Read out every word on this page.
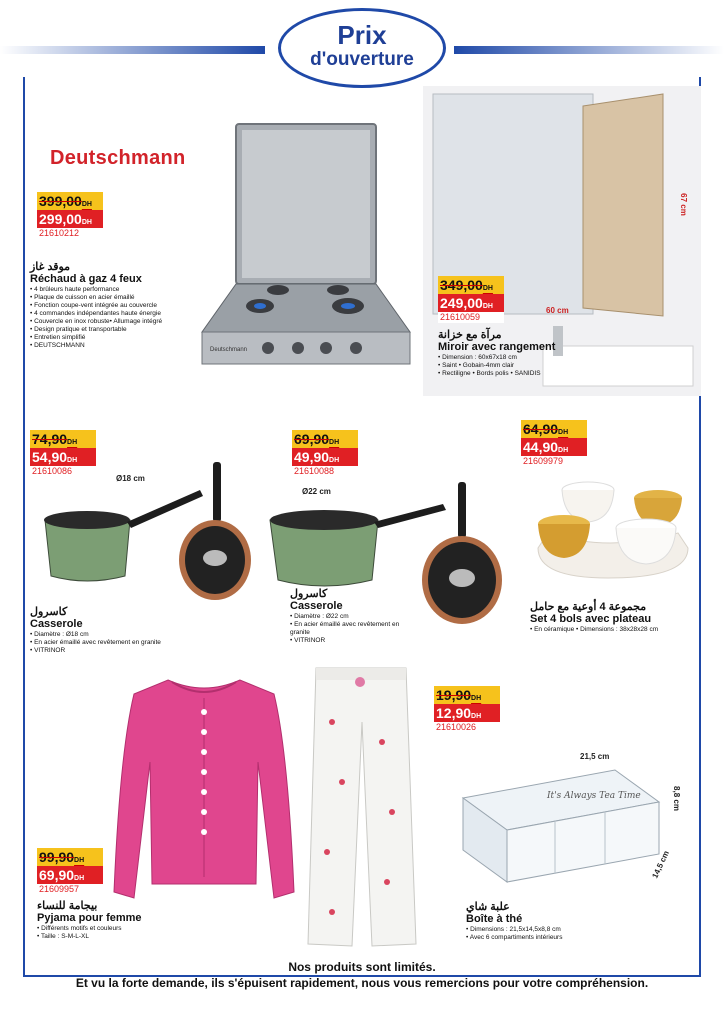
Prix
d'ouverture
Deutschmann
399,00DH
299,00DH
21610212
موقد غاز
Réchaud à gaz 4 feux
• 4 brûleurs haute performance
• Plaque de cuisson en acier émaillé
• Fonction coupe-vent intégrée au couvercle
• 4 commandes indépendantes haute énergie
• Couvercle en inox robuste• Allumage intégré
• Design pratique et transportable
• Entretien simplifié
• DEUTSCHMANN
Deutschmann
60 cm
67 cm
349,00DH
249,00DH
21610059
مرآة مع خزانة
Miroir avec rangement
• Dimension : 60x67x18 cm
• Saint • Gobain-4mm clair
• Rectiligne • Bords polis • SANIDIS
74,90DH
54,90DH
21610086
Ø18 cm
كاسرول
Casserole
• Diamètre : Ø18 cm
• En acier émaillé avec revêtement en granite
• VITRINOR
69,90DH
49,90DH
21610088
Ø22 cm
كاسرول
Casserole
• Diamètre : Ø22 cm
• En acier émaillé avec revêtement en granite
• VITRINOR
64,90DH
44,90DH
21609979
مجموعة 4 أوعية مع حامل
Set 4 bols avec plateau
• En céramique • Dimensions : 38x28x28 cm
99,90DH
69,90DH
21609957
بيجامة للنساء
Pyjama pour femme
• Différents motifs et couleurs
• Taille : S-M-L-XL
19,90DH
12,90DH
21610026
21,5 cm
8,8 cm
14,5 cm
It's Always Tea Time
علبة شاي
Boîte à thé
• Dimensions : 21,5x14,5x8,8 cm
• Avec 6 compartiments intérieurs
Nos produits sont limités.
Et vu la forte demande, ils s'épuisent rapidement, nous vous remercions pour votre compréhension.
